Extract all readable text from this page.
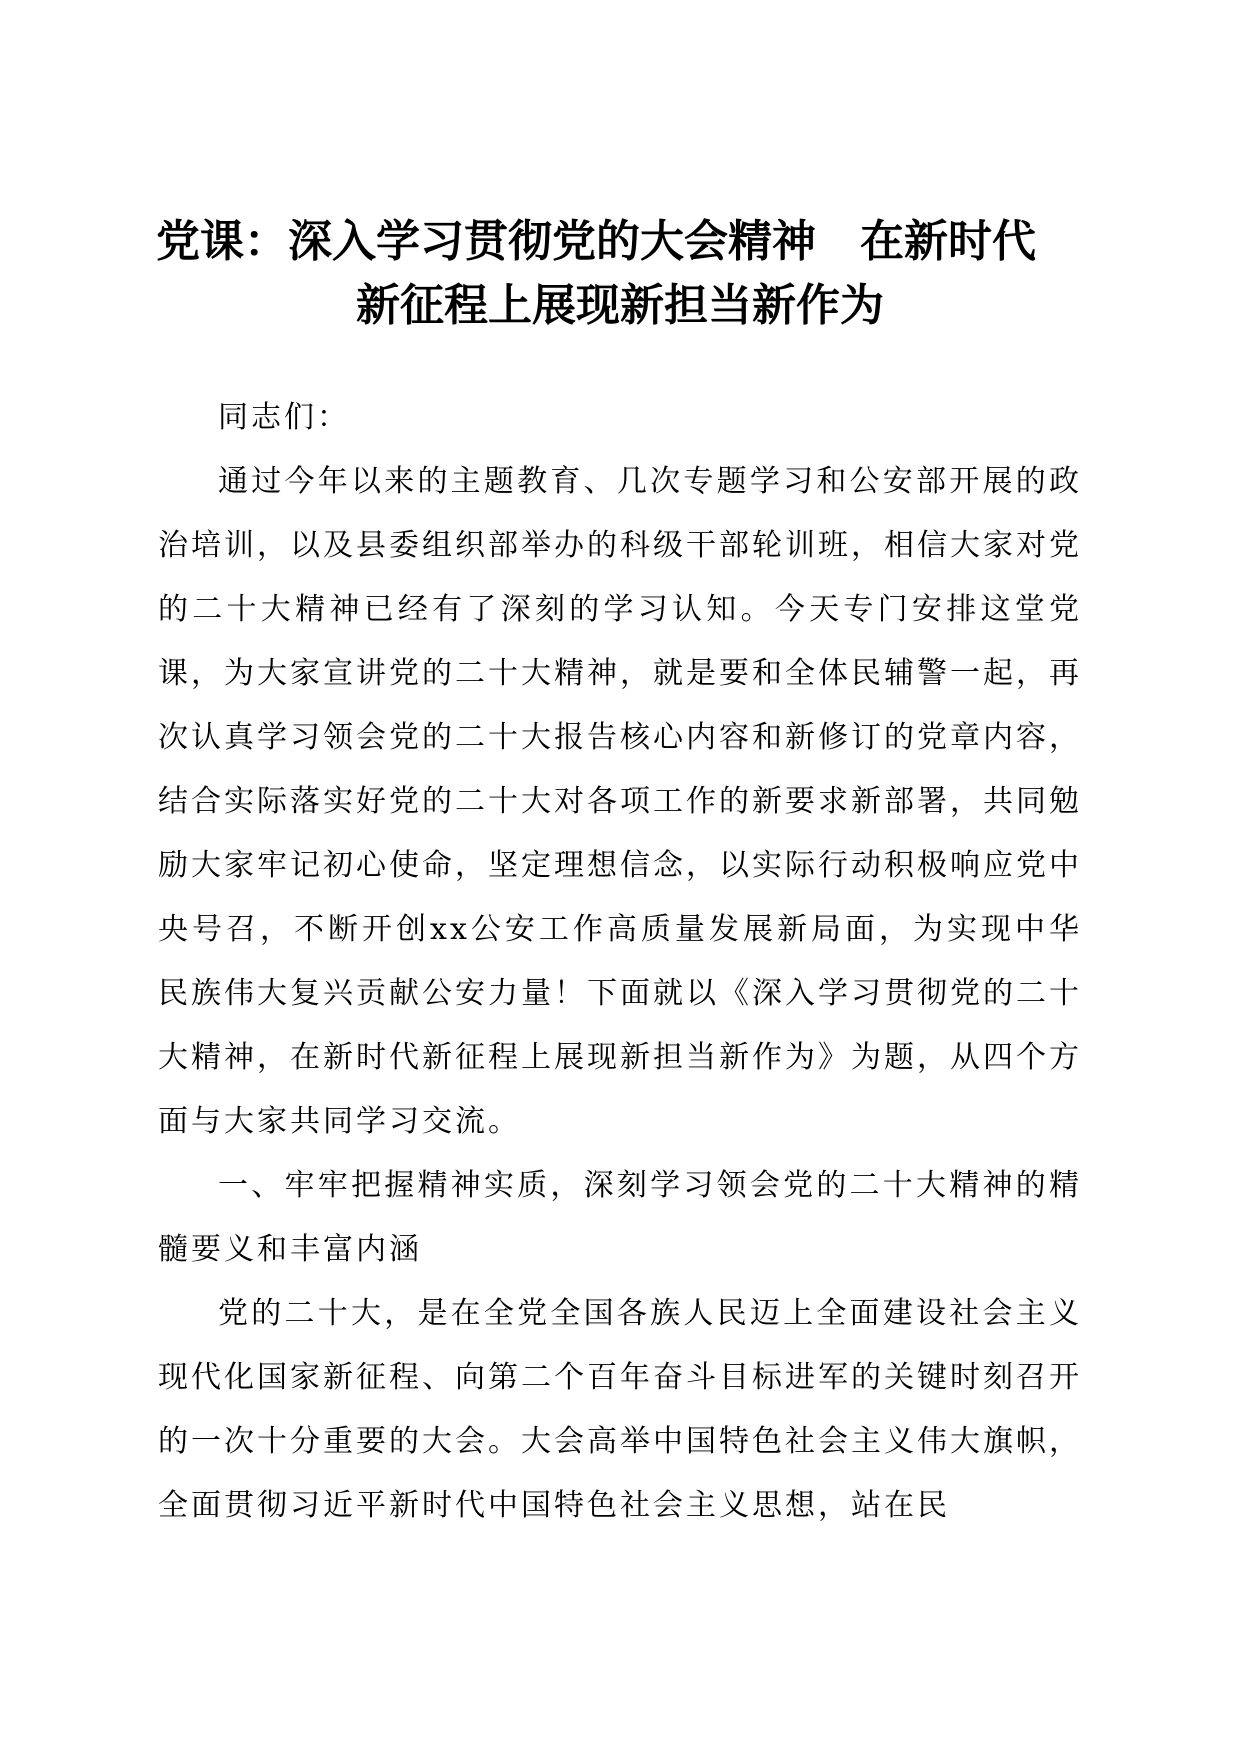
党课：深入学习贯彻党的大会精神　在新时代
新征程上展现新担当新作为

同志们：

通过今年以来的主题教育、几次专题学习和公安部开展的政治培训，以及县委组织部举办的科级干部轮训班，相信大家对党的二十大精神已经有了深刻的学习认知。今天专门安排这堂党课，为大家宣讲党的二十大精神，就是要和全体民辅警一起，再次认真学习领会党的二十大报告核心内容和新修订的党章内容，结合实际落实好党的二十大对各项工作的新要求新部署，共同勉励大家牢记初心使命，坚定理想信念，以实际行动积极响应党中央号召，不断开创xx公安工作高质量发展新局面，为实现中华民族伟大复兴贡献公安力量！下面就以《深入学习贯彻党的二十大精神，在新时代新征程上展现新担当新作为》为题，从四个方面与大家共同学习交流。

一、牢牢把握精神实质，深刻学习领会党的二十大精神的精髓要义和丰富内涵

党的二十大，是在全党全国各族人民迈上全面建设社会主义现代化国家新征程、向第二个百年奋斗目标进军的关键时刻召开的一次十分重要的大会。大会高举中国特色社会主义伟大旗帜，全面贯彻习近平新时代中国特色社会主义思想，站在民
